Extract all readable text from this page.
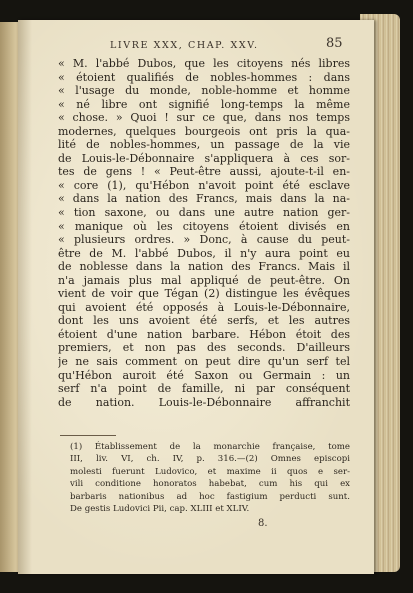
LIVRE XXX, CHAP. XXV.	85
« M. l'abbé Dubos, que les citoyens nés libres
« étoient qualifiés de nobles-hommes : dans
« l'usage du monde, noble-homme et homme
« né libre ont signifié long-temps la même
« chose. » Quoi ! sur ce que, dans nos temps
modernes, quelques bourgeois ont pris la qua-
lité de nobles-hommes, un passage de la vie
de Louis-le-Débonnaire s'appliquera à ces sor-
tes de gens ! « Peut-être aussi, ajoute-t-il en-
« core (1), qu'Hébon n'avoit point été esclave
« dans la nation des Francs, mais dans la na-
« tion saxone, ou dans une autre nation ger-
« manique où les citoyens étoient divisés en
« plusieurs ordres. » Donc, à cause du peut-
être de M. l'abbé Dubos, il n'y aura point eu
de noblesse dans la nation des Francs. Mais il
n'a jamais plus mal appliqué de peut-être. On
vient de voir que Tégan (2) distingue les évêques
qui avoient été opposés à Louis-le-Débonnaire,
dont les uns avoient été serfs, et les autres
étoient d'une nation barbare. Hébon étoit des
premiers, et non pas des seconds. D'ailleurs
je ne sais comment on peut dire qu'un serf tel
qu'Hébon auroit été Saxon ou Germain : un
serf n'a point de famille, ni par conséquent
de nation. Louis-le-Débonnaire affranchit
(1) Établissement de la monarchie française, tome
III, liv. VI, ch. IV, p. 316.—(2) Omnes episcopi
molesti fuerunt Ludovico, et maxime ii quos e ser-
vili conditione honoratos habebat, cum his qui ex
barbaris nationibus ad hoc fastigium perducti sunt.
De gestis Ludovici Pii, cap. XLIII et XLIV.
8.
